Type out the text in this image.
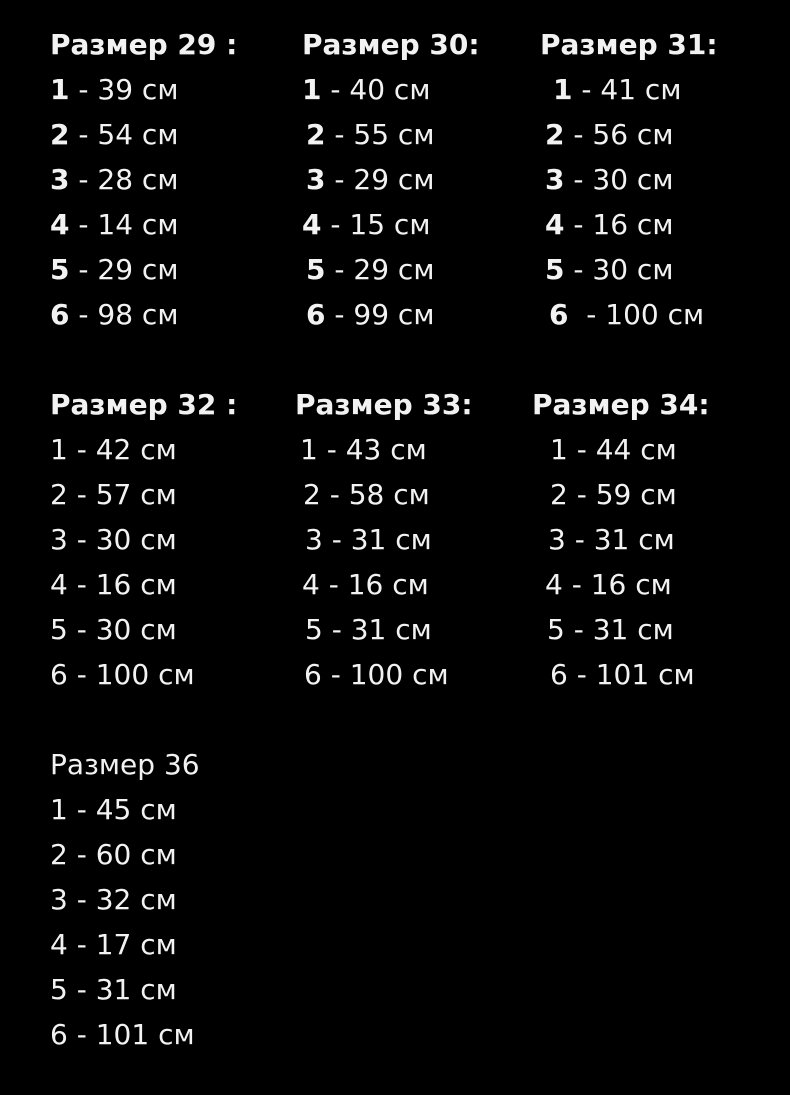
Размер 29 :
1 - 39 см
2 - 54 см
3 - 28 см
4 - 14 см
5 - 29 см
6 - 98 см
Размер 30:
1 - 40 см
2 - 55 см
3 - 29 см
4 - 15 см
5 - 29 см
6 - 99 см
Размер 31:
1 - 41 см
2 - 56 см
3 - 30 см
4 - 16 см
5 - 30 см
6  - 100 см
Размер 32 :
1 - 42 см
2 - 57 см
3 - 30 см
4 - 16 см
5 - 30 см
6 - 100 см
Размер 33:
1 - 43 см
2 - 58 см
3 - 31 см
4 - 16 см
5 - 31 см
6 - 100 см
Размер 34:
1 - 44 см
2 - 59 см
3 - 31 см
4 - 16 см
5 - 31 см
6 - 101 см
Размер 36
1 - 45 см
2 - 60 см
3 - 32 см
4 - 17 см
5 - 31 см
6 - 101 см
